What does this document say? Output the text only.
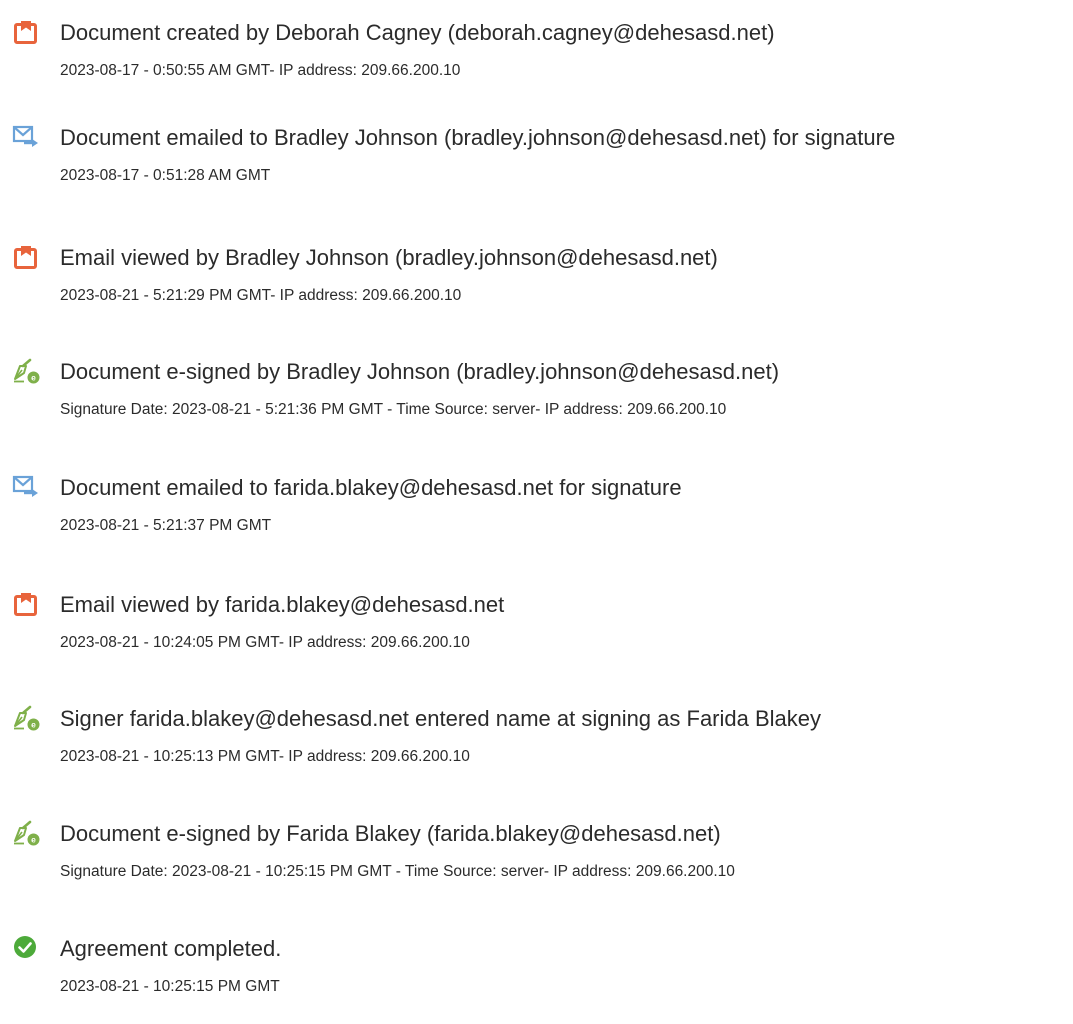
Document created by Deborah Cagney (deborah.cagney@dehesasd.net)
2023-08-17 - 0:50:55 AM GMT- IP address: 209.66.200.10
Document emailed to Bradley Johnson (bradley.johnson@dehesasd.net) for signature
2023-08-17 - 0:51:28 AM GMT
Email viewed by Bradley Johnson (bradley.johnson@dehesasd.net)
2023-08-21 - 5:21:29 PM GMT- IP address: 209.66.200.10
e Document e-signed by Bradley Johnson (bradley.johnson@dehesasd.net)
Signature Date: 2023-08-21 - 5:21:36 PM GMT - Time Source: server- IP address: 209.66.200.10
Document emailed to farida.blakey@dehesasd.net for signature
2023-08-21 - 5:21:37 PM GMT
Email viewed by farida.blakey@dehesasd.net
2023-08-21 - 10:24:05 PM GMT- IP address: 209.66.200.10
e Signer farida.blakey@dehesasd.net entered name at signing as Farida Blakey
2023-08-21 - 10:25:13 PM GMT- IP address: 209.66.200.10
e Document e-signed by Farida Blakey (farida.blakey@dehesasd.net)
Signature Date: 2023-08-21 - 10:25:15 PM GMT - Time Source: server- IP address: 209.66.200.10
Agreement completed.
2023-08-21 - 10:25:15 PM GMT
